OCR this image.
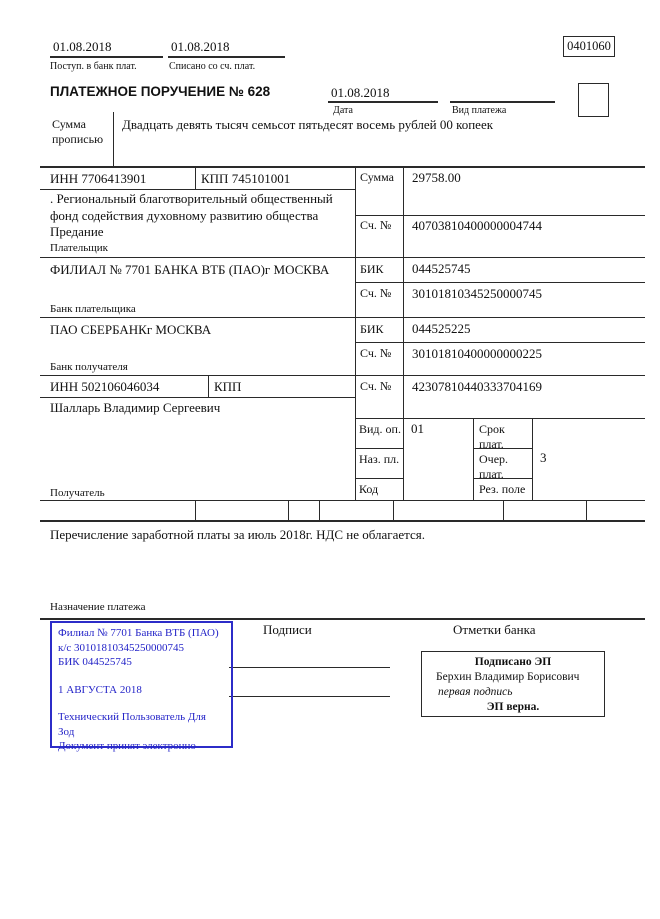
01.08.2018	01.08.2018
Поступ. в банк плат.	Списано со сч. плат.
0401060
ПЛАТЕЖНОЕ ПОРУЧЕНИЕ № 628	01.08.2018
Дата	Вид платежа
Сумма прописью
Двадцать девять тысяч семьсот пятьдесят восемь рублей 00 копеек
ИНН 7706413901	КПП 745101001	Сумма 29758.00
. Региональный благотворительный общественный фонд содействия духовному развитию общества Предание	Сч. № 40703810400000004744
Плательщик
ФИЛИАЛ № 7701 БАНКА ВТБ (ПАО)г МОСКВА	БИК 044525745
Сч. № 30101810345250000745
Банк плательщика
ПАО СБЕРБАНКг МОСКВА	БИК 044525225
Сч. № 30101810400000000225
Банк получателя
ИНН 502106046034	КПП	Сч. № 42307810440333704169
Шалларь Владимир Сергеевич
Получатель
Вид. оп. 01	Срок плат.
Наз. пл.	Очер. плат.
3
Код	Рез. поле
Перечисление заработной платы за июль 2018г. НДС не облагается.
Назначение платежа
Подписи	Отметки банка
Филиал № 7701 Банка ВТБ (ПАО)
к/с 30101810345250000745
БИК 044525745
1 АВГУСТА 2018
Технический Пользователь Для Зод
Документ принят электронно
Подписано ЭП
Берхин Владимир Борисович
первая подпись
ЭП верна.
